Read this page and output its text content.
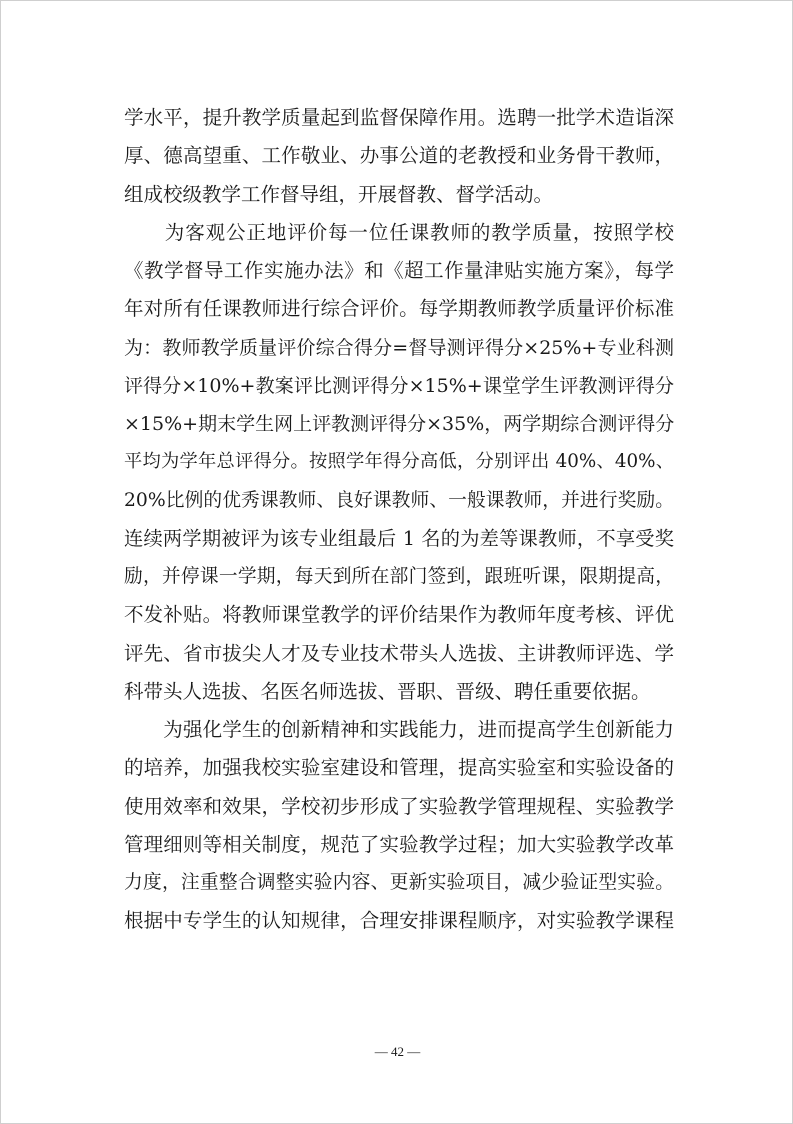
学水平，提升教学质量起到监督保障作用。选聘一批学术造诣深
厚、德高望重、工作敬业、办事公道的老教授和业务骨干教师，
组成校级教学工作督导组，开展督教、督学活动。
　　为客观公正地评价每一位任课教师的教学质量，按照学校
《教学督导工作实施办法》和《超工作量津贴实施方案》，每学
年对所有任课教师进行综合评价。每学期教师教学质量评价标准
为：教师教学质量评价综合得分=督导测评得分×25%+专业科测
评得分×10%+教案评比测评得分×15%+课堂学生评教测评得分
×15%+期末学生网上评教测评得分×35%，两学期综合测评得分
平均为学年总评得分。按照学年得分高低，分别评出 40%、40%、
20%比例的优秀课教师、良好课教师、一般课教师，并进行奖励。
连续两学期被评为该专业组最后 1 名的为差等课教师，不享受奖
励，并停课一学期，每天到所在部门签到，跟班听课，限期提高，
不发补贴。将教师课堂教学的评价结果作为教师年度考核、评优
评先、省市拔尖人才及专业技术带头人选拔、主讲教师评选、学
科带头人选拔、名医名师选拔、晋职、晋级、聘任重要依据。
　　为强化学生的创新精神和实践能力，进而提高学生创新能力
的培养，加强我校实验室建设和管理，提高实验室和实验设备的
使用效率和效果，学校初步形成了实验教学管理规程、实验教学
管理细则等相关制度，规范了实验教学过程；加大实验教学改革
力度，注重整合调整实验内容、更新实验项目，减少验证型实验。
根据中专学生的认知规律，合理安排课程顺序，对实验教学课程
— 42 —
